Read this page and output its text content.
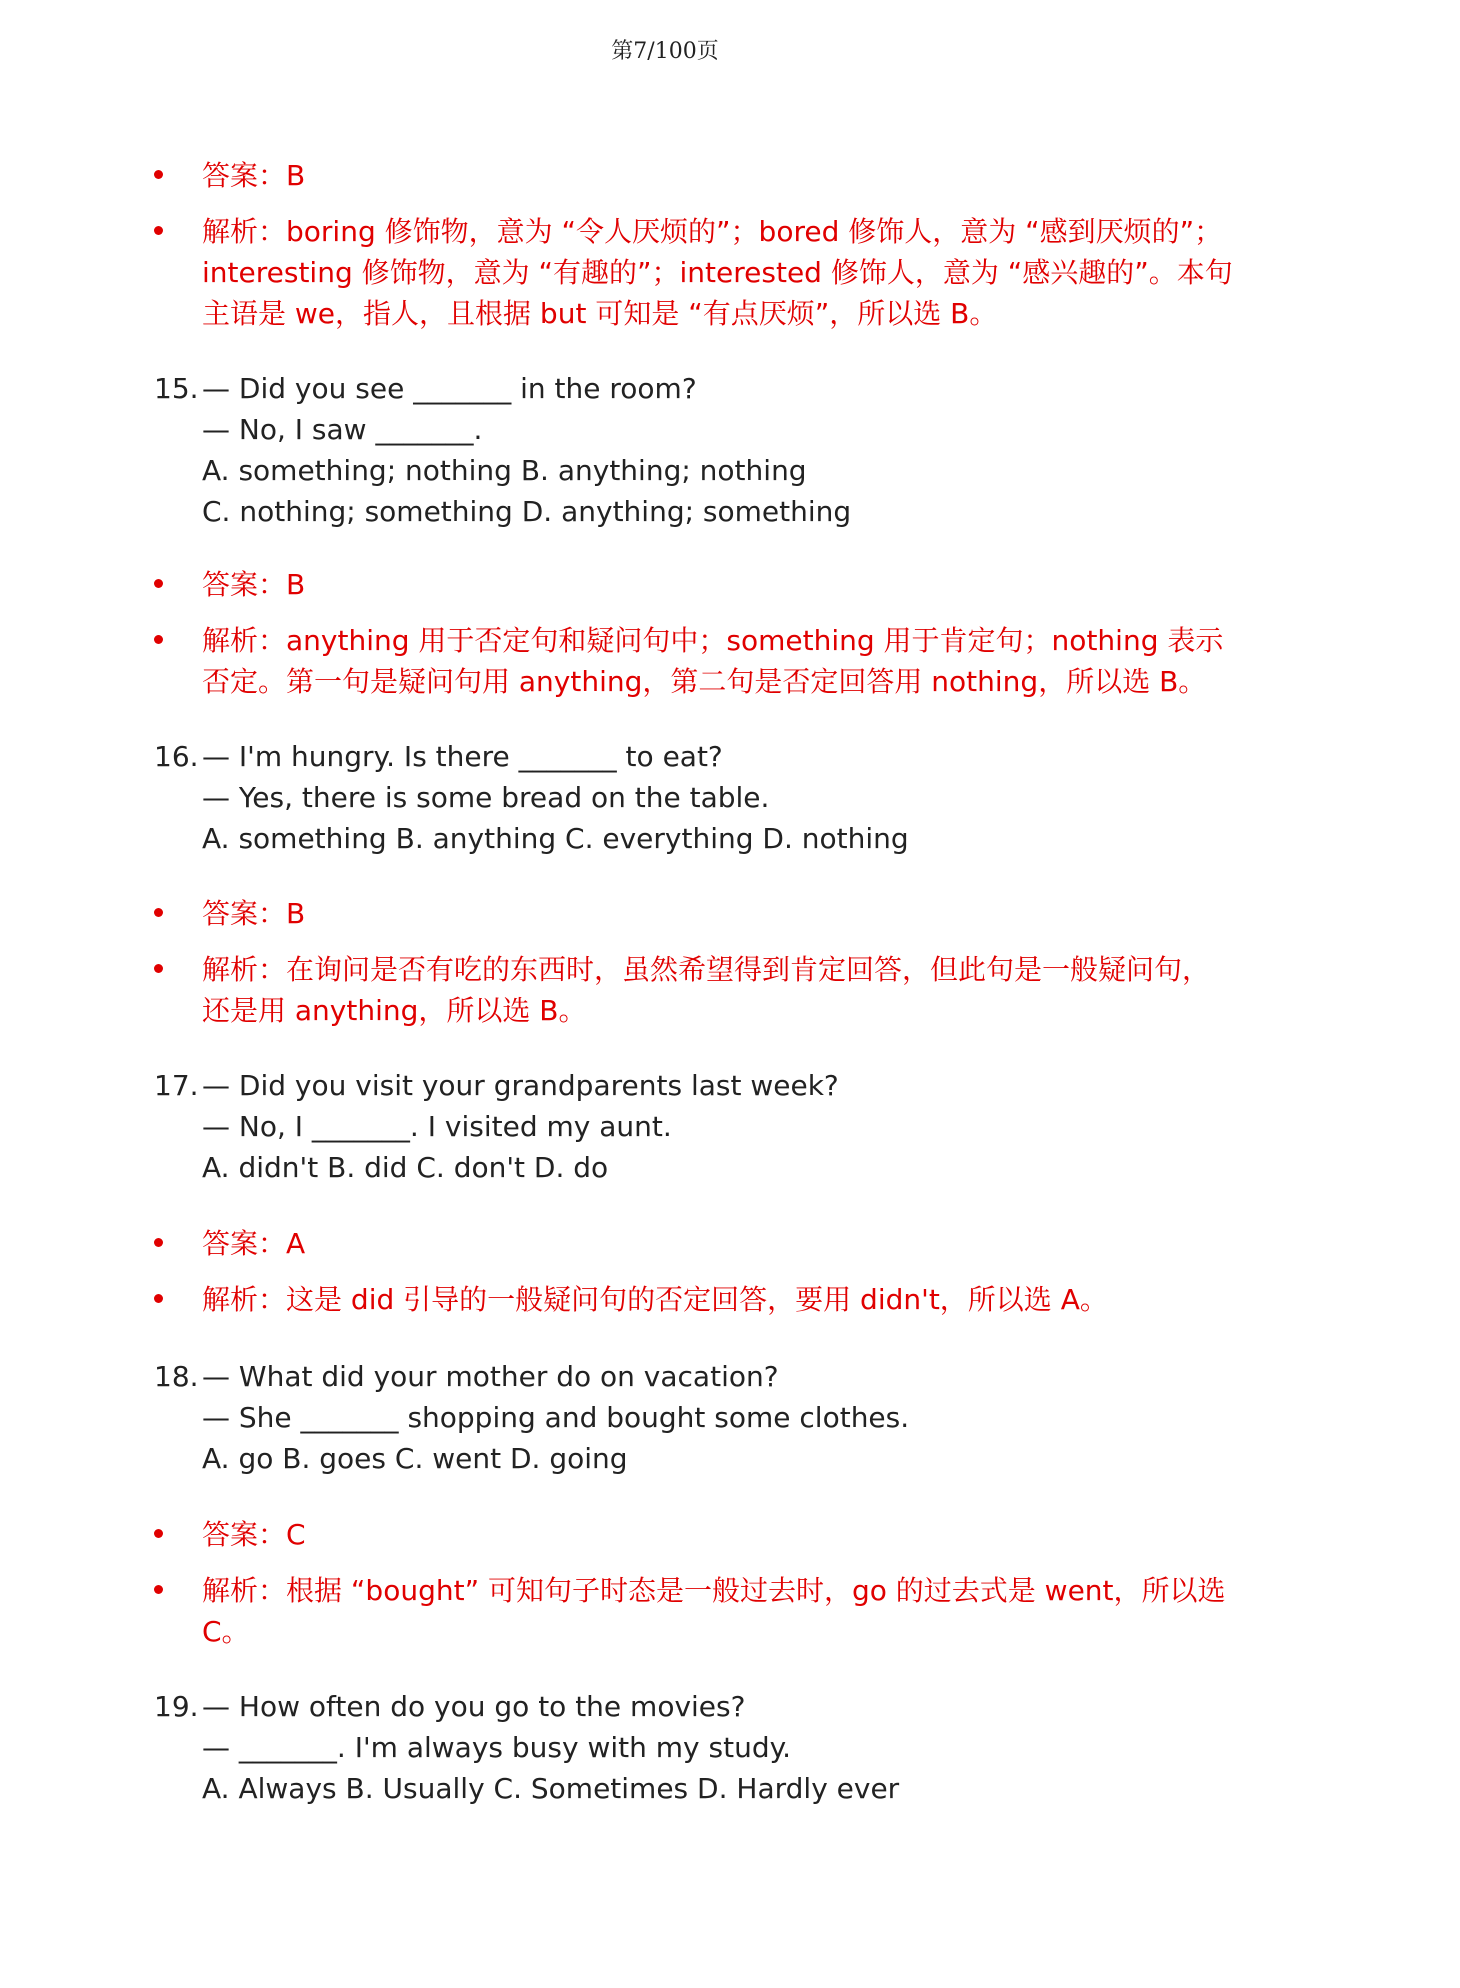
第7/100页
答案：B
解析：boring 修饰物，意为 “令人厌烦的”；bored 修饰人，意为 “感到厌烦的”；
interesting 修饰物，意为 “有趣的”；interested 修饰人，意为 “感兴趣的”。本句
主语是 we，指人，且根据 but 可知是 “有点厌烦”，所以选 B。
15. — Did you see _______ in the room?
— No, I saw _______.
A. something; nothing B. anything; nothing
C. nothing; something D. anything; something
答案：B
解析：anything 用于否定句和疑问句中；something 用于肯定句；nothing 表示
否定。第一句是疑问句用 anything，第二句是否定回答用 nothing，所以选 B。
16. — I'm hungry. Is there _______ to eat?
— Yes, there is some bread on the table.
A. something B. anything C. everything D. nothing
答案：B
解析：在询问是否有吃的东西时，虽然希望得到肯定回答，但此句是一般疑问句，
还是用 anything，所以选 B。
17. — Did you visit your grandparents last week?
— No, I _______. I visited my aunt.
A. didn't B. did C. don't D. do
答案：A
解析：这是 did 引导的一般疑问句的否定回答，要用 didn't，所以选 A。
18. — What did your mother do on vacation?
— She _______ shopping and bought some clothes.
A. go B. goes C. went D. going
答案：C
解析：根据 “bought” 可知句子时态是一般过去时，go 的过去式是 went，所以选
C。
19. — How often do you go to the movies?
— _______. I'm always busy with my study.
A. Always B. Usually C. Sometimes D. Hardly ever
